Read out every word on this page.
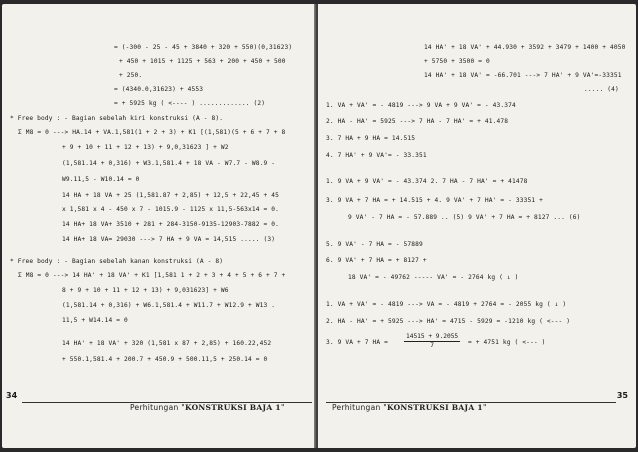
= (-300 - 25 - 45 + 3840 + 320 + 550)(0,31623)
+ 450 + 1015 + 1125 + 563 + 200 + 450 + 500
+ 250.
= (4340.0,31623) + 4553
= + 5925 kg ( <---- ) ............. (2)
* Free body : - Bagian sebelah kiri konstruksi (A - 8).
Σ M8 = 0 ---> HA.14 + VA.1,581(1 + 2 + 3) + K1 [(1,581)(5 + 6 + 7 + 8
+ 9 + 10 + 11 + 12 + 13) + 9,0,31623 ] + W2
(1,581.14 + 0,316) + W3.1,581.4 + 18 VA - W7.7 - W8.9 -
W9.11,5 - W10.14 = 0
14 HA + 18 VA + 25 (1,581.87 + 2,85) + 12,5 + 22,45 + 45
x 1,581 x 4 - 450 x 7 - 1015.9 - 1125 x 11,5-563x14 = 0.
14 HA+ 18 VA+ 3510 + 281 + 284-3150-9135-12903-7882 = 0.
14 HA+ 18 VA= 29030 ---> 7 HA + 9 VA = 14,515 ..... (3)
* Free body : - Bagian sebelah kanan konstruksi (A - 8)
Σ M8 = 0 ---> 14 HA' + 18 VA' + K1 [1,581 1 + 2 + 3 + 4 + 5 + 6 + 7 +
8 + 9 + 10 + 11 + 12 + 13) + 9,031623] + W6
(1,581.14 + 0,316) + W6.1,581.4 + W11.7 + W12.9 + W13 .
11,5 + W14.14 = 0
14 HA' + 18 VA' + 320 (1,581 x 87 + 2,85) + 160.22,452
+ 550.1,581.4 + 200.7 + 450.9 + 500.11,5 + 250.14 = 0
34
Perhitungan "KONSTRUKSI BAJA 1"
14 HA' + 18 VA' + 44.930 + 3592 + 3479 + 1400 + 4050
+ 5750 + 3500 = 0
14 HA' + 18 VA' = -66.701 ---> 7 HA' + 9 VA'=-33351
..... (4)
1. VA + VA' = - 4819 ---> 9 VA + 9 VA' = - 43.374
2. HA - HA' = 5925 ---> 7 HA - 7 HA' = + 41.478
3. 7 HA + 9 HA = 14.515
4. 7 HA' + 9 VA'= - 33.351
1. 9 VA + 9 VA' = - 43.374 2. 7 HA - 7 HA' = + 41478
3. 9 VA + 7 HA = + 14.515 + 4. 9 VA' + 7 HA' = - 33351 +
9 VA' - 7 HA = - 57.889 .. (5) 9 VA' + 7 HA = + 8127 ... (6)
5. 9 VA' - 7 HA = - 57889
6. 9 VA' + 7 HA = + 8127 +
18 VA' = - 49762 ----- VA' = - 2764 kg ( ↓ )
1. VA + VA' = - 4819 ---> VA = - 4819 + 2764 = - 2055 kg ( ↓ )
2. HA - HA' = + 5925 ---> HA' = 4715 - 5929 = -1210 kg ( <--- )
3. 9 VA + 7 HA =	$\frac{14515 + 9.2055}{7}$ = + 4751 kg ( <--- )
Perhitungan "KONSTRUKSI BAJA 1"
35
